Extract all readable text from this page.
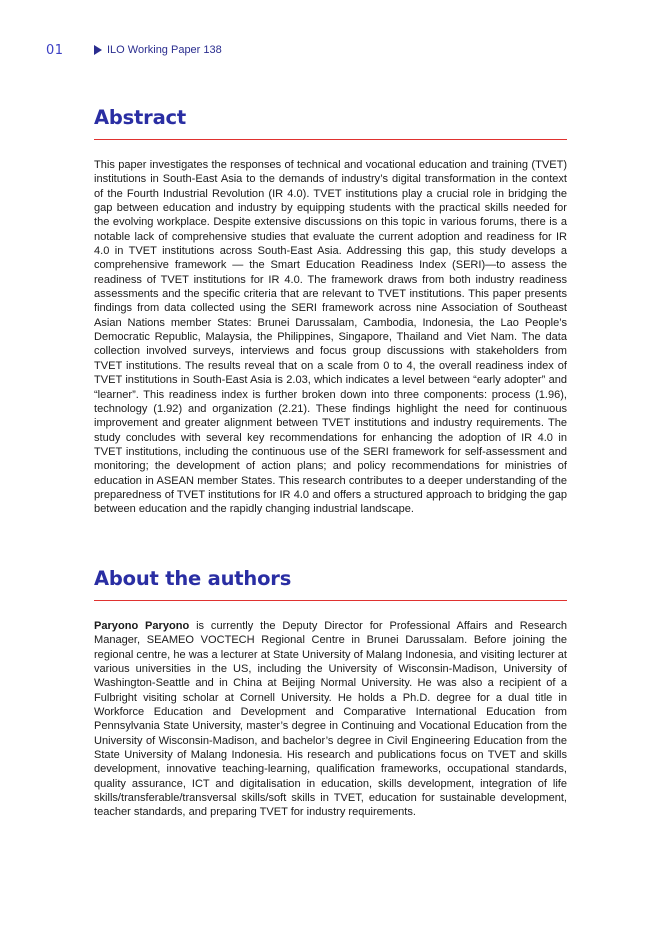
01	ILO Working Paper 138
Abstract

This paper investigates the responses of technical and vocational education and training (TVET) institutions in South-East Asia to the demands of industry’s digital transformation in the context of the Fourth Industrial Revolution (IR 4.0). TVET institutions play a crucial role in bridging the gap between education and industry by equipping students with the practical skills needed for the evolving workplace. Despite extensive discussions on this topic in various forums, there is a notable lack of comprehensive studies that evaluate the current adoption and readiness for IR 4.0 in TVET institutions across South-East Asia. Addressing this gap, this study develops a comprehensive framework — the Smart Education Readiness Index (SERI)—to assess the readiness of TVET institutions for IR 4.0. The framework draws from both industry readiness assessments and the specific criteria that are relevant to TVET institutions. This paper presents findings from data collected using the SERI framework across nine Association of Southeast Asian Nations member States: Brunei Darussalam, Cambodia, Indonesia, the Lao People’s Democratic Republic, Malaysia, the Philippines, Singapore, Thailand and Viet Nam. The data collection involved surveys, interviews and focus group discussions with stakeholders from TVET institutions. The results reveal that on a scale from 0 to 4, the overall readiness index of TVET institutions in South-East Asia is 2.03, which indicates a level between “early adopter” and “learner”. This readiness index is further broken down into three components: process (1.96), technology (1.92) and organization (2.21). These findings highlight the need for continuous improvement and greater alignment between TVET institutions and industry requirements. The study concludes with several key recommendations for enhancing the adoption of IR 4.0 in TVET institutions, including the continuous use of the SERI framework for self-assessment and monitoring; the development of action plans; and policy recommendations for ministries of education in ASEAN member States. This research contributes to a deeper understanding of the preparedness of TVET institutions for IR 4.0 and offers a structured approach to bridging the gap between education and the rapidly changing industrial landscape.

About the authors

Paryono Paryono is currently the Deputy Director for Professional Affairs and Research Manager, SEAMEO VOCTECH Regional Centre in Brunei Darussalam. Before joining the regional centre, he was a lecturer at State University of Malang Indonesia, and visiting lecturer at various universities in the US, including the University of Wisconsin-Madison, University of Washington-Seattle and in China at Beijing Normal University. He was also a recipient of a Fulbright visiting scholar at Cornell University. He holds a Ph.D. degree for a dual title in Workforce Education and Development and Comparative International Education from Pennsylvania State University, master’s degree in Continuing and Vocational Education from the University of Wisconsin-Madison, and bachelor’s degree in Civil Engineering Education from the State University of Malang Indonesia. His research and publications focus on TVET and skills development, innovative teaching-learning, qualification frameworks, occupational standards, quality assurance, ICT and digitalisation in education, skills development, integration of life skills/transferable/transversal skills/soft skills in TVET, education for sustainable development, teacher standards, and preparing TVET for industry requirements.
